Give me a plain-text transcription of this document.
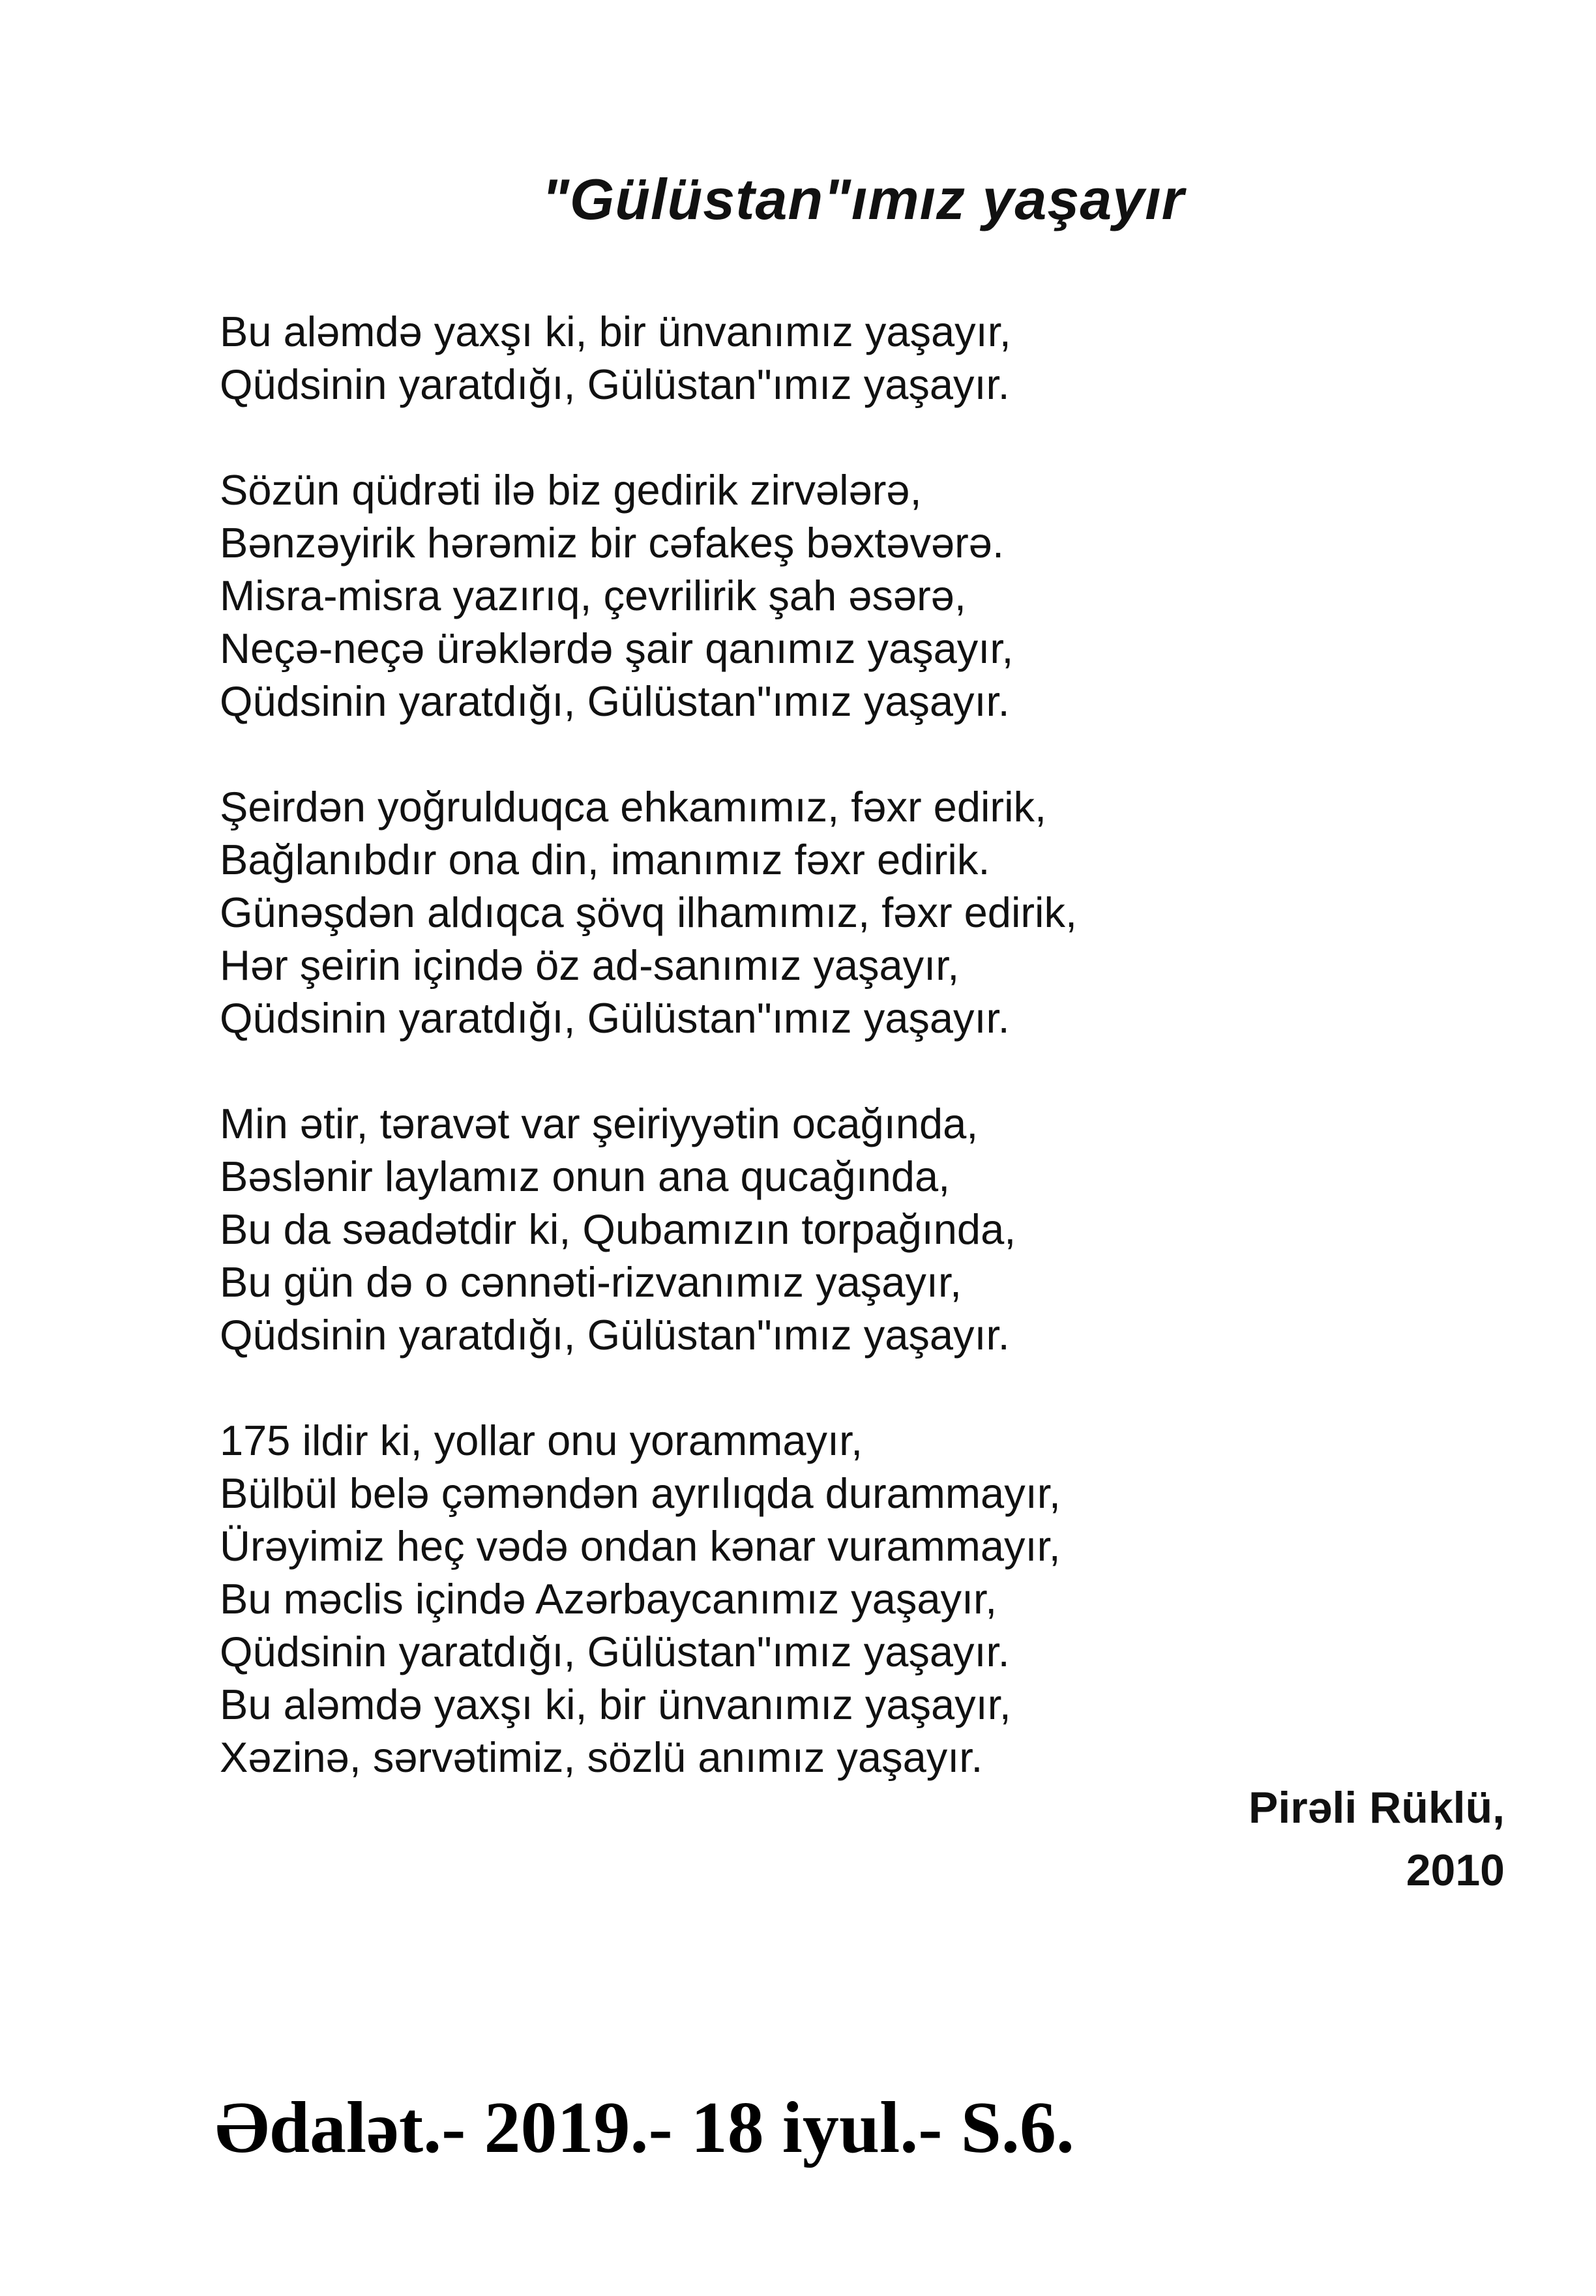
"Gülüstan"ımız yaşayır
Bu aləmdə yaxşı ki, bir ünvanımız yaşayır,
Qüdsinin yaratdığı, Gülüstan"ımız yaşayır.
Sözün qüdrəti ilə biz gedirik zirvələrə,
Bənzəyirik hərəmiz bir cəfakeş bəxtəvərə.
Misra-misra yazırıq, çevrilirik şah əsərə,
Neçə-neçə ürəklərdə şair qanımız yaşayır,
Qüdsinin yaratdığı, Gülüstan"ımız yaşayır.
Şeirdən yoğrulduqca ehkamımız, fəxr edirik,
Bağlanıbdır ona din, imanımız fəxr edirik.
Günəşdən aldıqca şövq ilhamımız, fəxr edirik,
Hər şeirin içində öz ad-sanımız yaşayır,
Qüdsinin yaratdığı, Gülüstan"ımız yaşayır.
Min ətir, təravət var şeiriyyətin ocağında,
Bəslənir laylamız onun ana qucağında,
Bu da səadətdir ki, Qubamızın torpağında,
Bu gün də o cənnəti-rizvanımız yaşayır,
Qüdsinin yaratdığı, Gülüstan"ımız yaşayır.
175 ildir ki, yollar onu yorammayır,
Bülbül belə çəməndən ayrılıqda durammayır,
Ürəyimiz heç vədə ondan kənar vurammayır,
Bu məclis içində Azərbaycanımız yaşayır,
Qüdsinin yaratdığı, Gülüstan"ımız yaşayır.
Bu aləmdə yaxşı ki, bir ünvanımız yaşayır,
Xəzinə, sərvətimiz, sözlü anımız yaşayır.
Pirəli Rüklü,
2010
Ədalət.- 2019.- 18 iyul.- S.6.
